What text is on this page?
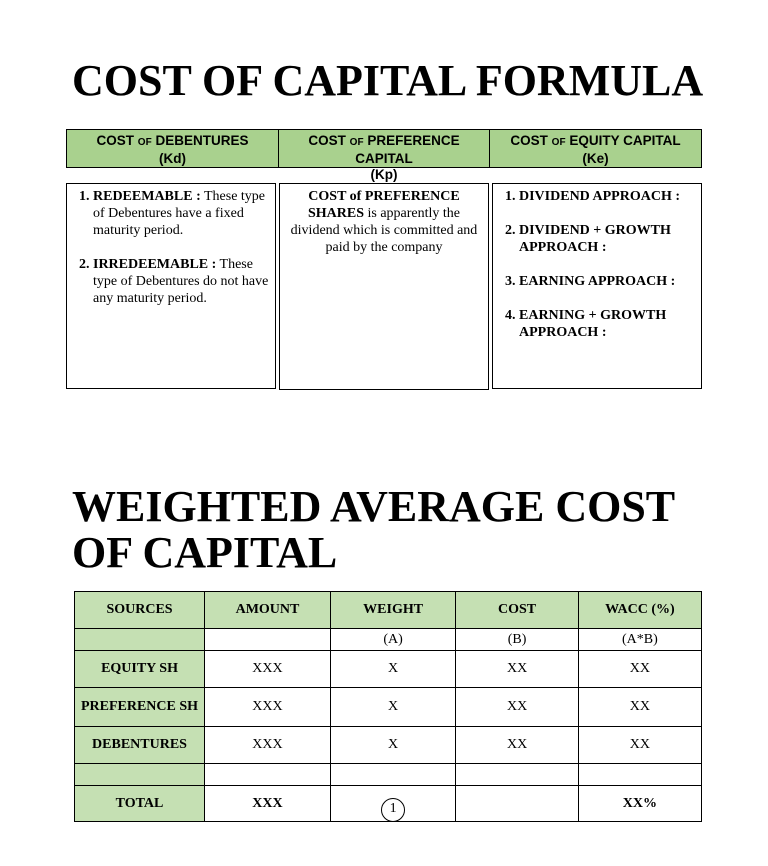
COST OF CAPITAL FORMULA
COST OF DEBENTURES
(Kd)
COST OF PREFERENCE CAPITAL
(Kp)
COST OF EQUITY CAPITAL
(Ke)
1. REDEEMABLE : These type of Debentures have a fixed maturity period.
2. IRREDEEMABLE : These type of Debentures do not have any maturity period.
COST of PREFERENCE SHARES is apparently the dividend which is committed and paid by the company
1. DIVIDEND APPROACH :
2. DIVIDEND + GROWTH APPROACH :
3. EARNING APPROACH :
4. EARNING + GROWTH APPROACH :
WEIGHTED AVERAGE COST
OF CAPITAL
SOURCES	AMOUNT	WEIGHT	COST	WACC (%)
		(A)	(B)	(A*B)
EQUITY SH	XXX	X	XX	XX
PREFERENCE SH	XXX	X	XX	XX
DEBENTURES	XXX	X	XX	XX

TOTAL	XXX	1		XX%
